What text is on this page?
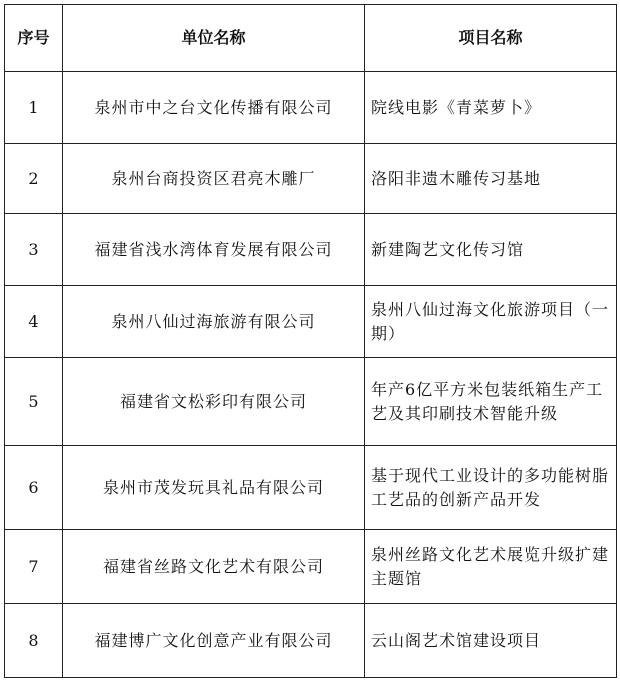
序号	单位名称	项目名称
1	泉州市中之台文化传播有限公司	院线电影《青菜萝卜》
2	泉州台商投资区君亮木雕厂	洛阳非遗木雕传习基地
3	福建省浅水湾体育发展有限公司	新建陶艺文化传习馆
4	泉州八仙过海旅游有限公司	泉州八仙过海文化旅游项目（一期）
5	福建省文松彩印有限公司	年产6亿平方米包装纸箱生产工艺及其印刷技术智能升级
6	泉州市茂发玩具礼品有限公司	基于现代工业设计的多功能树脂工艺品的创新产品开发
7	福建省丝路文化艺术有限公司	泉州丝路文化艺术展览升级扩建主题馆
8	福建博广文化创意产业有限公司	云山阁艺术馆建设项目
